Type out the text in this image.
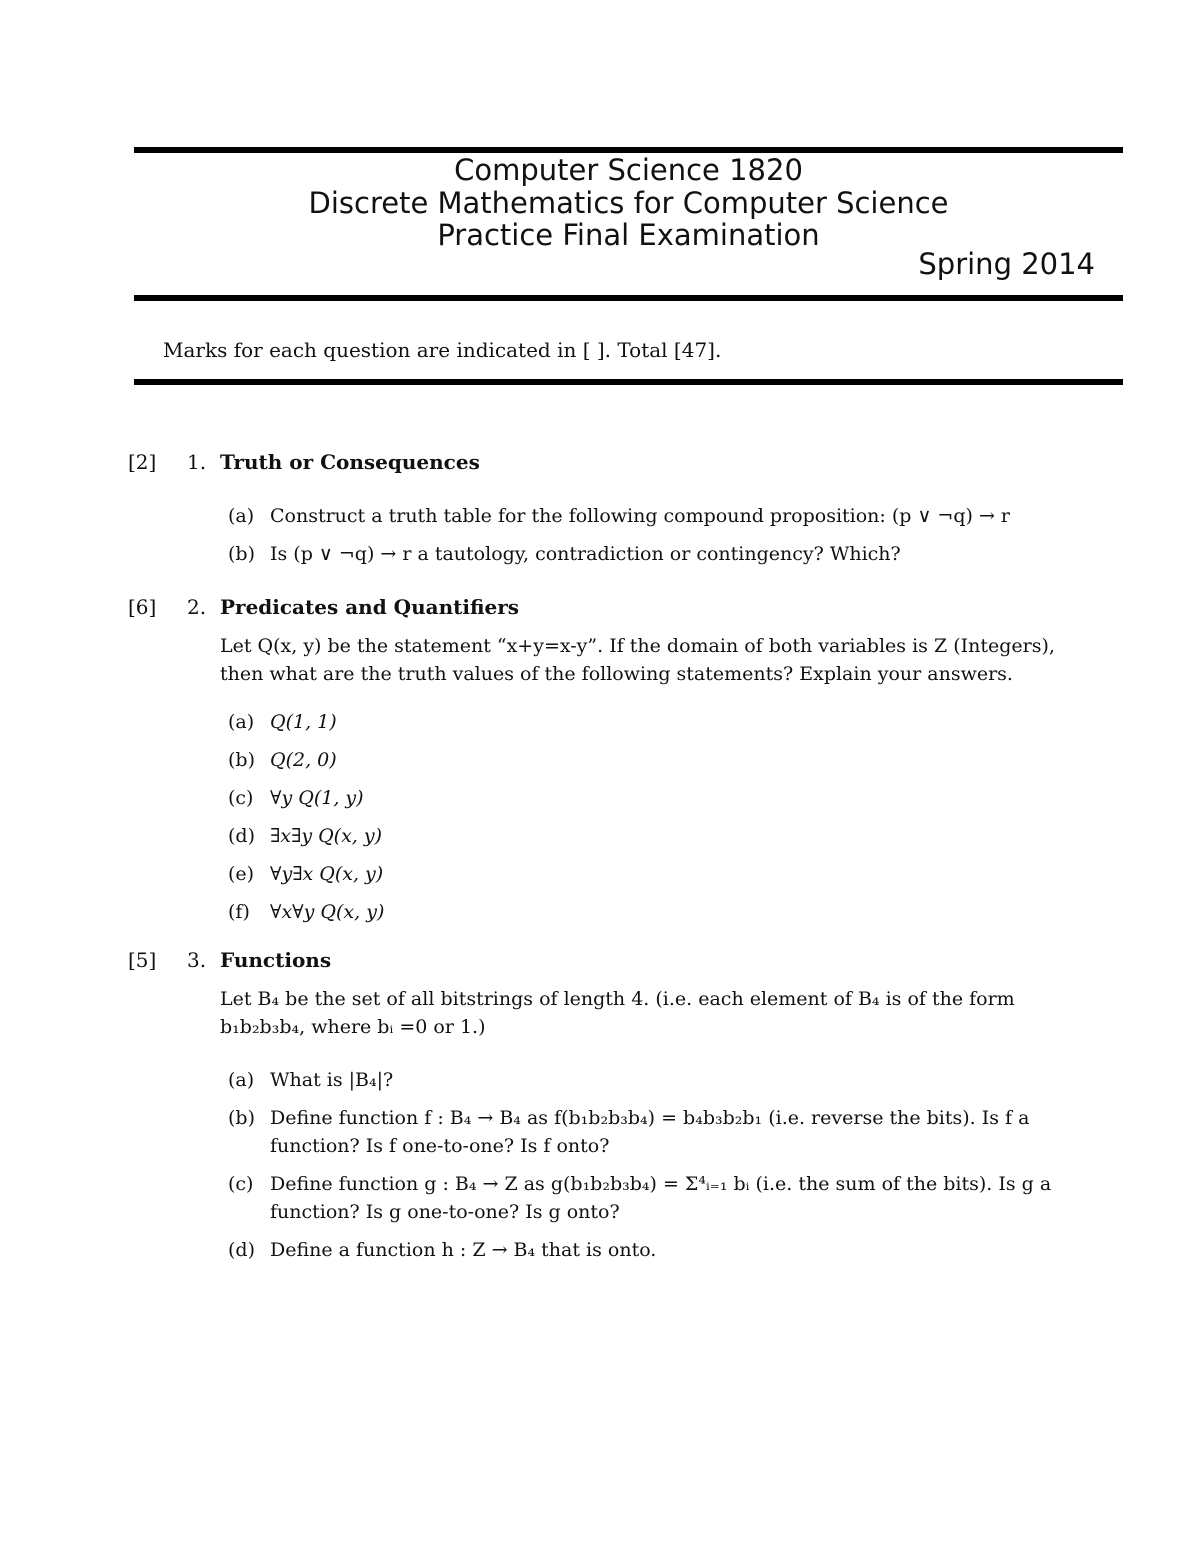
Computer Science 1820
Discrete Mathematics for Computer Science
Practice Final Examination
Spring 2014
Marks for each question are indicated in [ ]. Total [47].
[2] 1. Truth or Consequences
(a) Construct a truth table for the following compound proposition: (p ∨ ¬q) → r
(b) Is (p ∨ ¬q) → r a tautology, contradiction or contingency? Which?
[6] 2. Predicates and Quantifiers
Let Q(x, y) be the statement “x+y=x-y”. If the domain of both variables is Z (Integers), then what are the truth values of the following statements? Explain your answers.
(a) Q(1, 1)
(b) Q(2, 0)
(c) ∀y Q(1, y)
(d) ∃x∃y Q(x, y)
(e) ∀y∃x Q(x, y)
(f) ∀x∀y Q(x, y)
[5] 3. Functions
Let B₄ be the set of all bitstrings of length 4. (i.e. each element of B₄ is of the form b₁b₂b₃b₄, where bᵢ =0 or 1.)
(a) What is |B₄|?
(b) Define function f : B₄ → B₄ as f(b₁b₂b₃b₄) = b₄b₃b₂b₁ (i.e. reverse the bits). Is f a function? Is f one-to-one? Is f onto?
(c) Define function g : B₄ → Z as g(b₁b₂b₃b₄) = Σ⁴ᵢ₌₁ bᵢ (i.e. the sum of the bits). Is g a function? Is g one-to-one? Is g onto?
(d) Define a function h : Z → B₄ that is onto.
